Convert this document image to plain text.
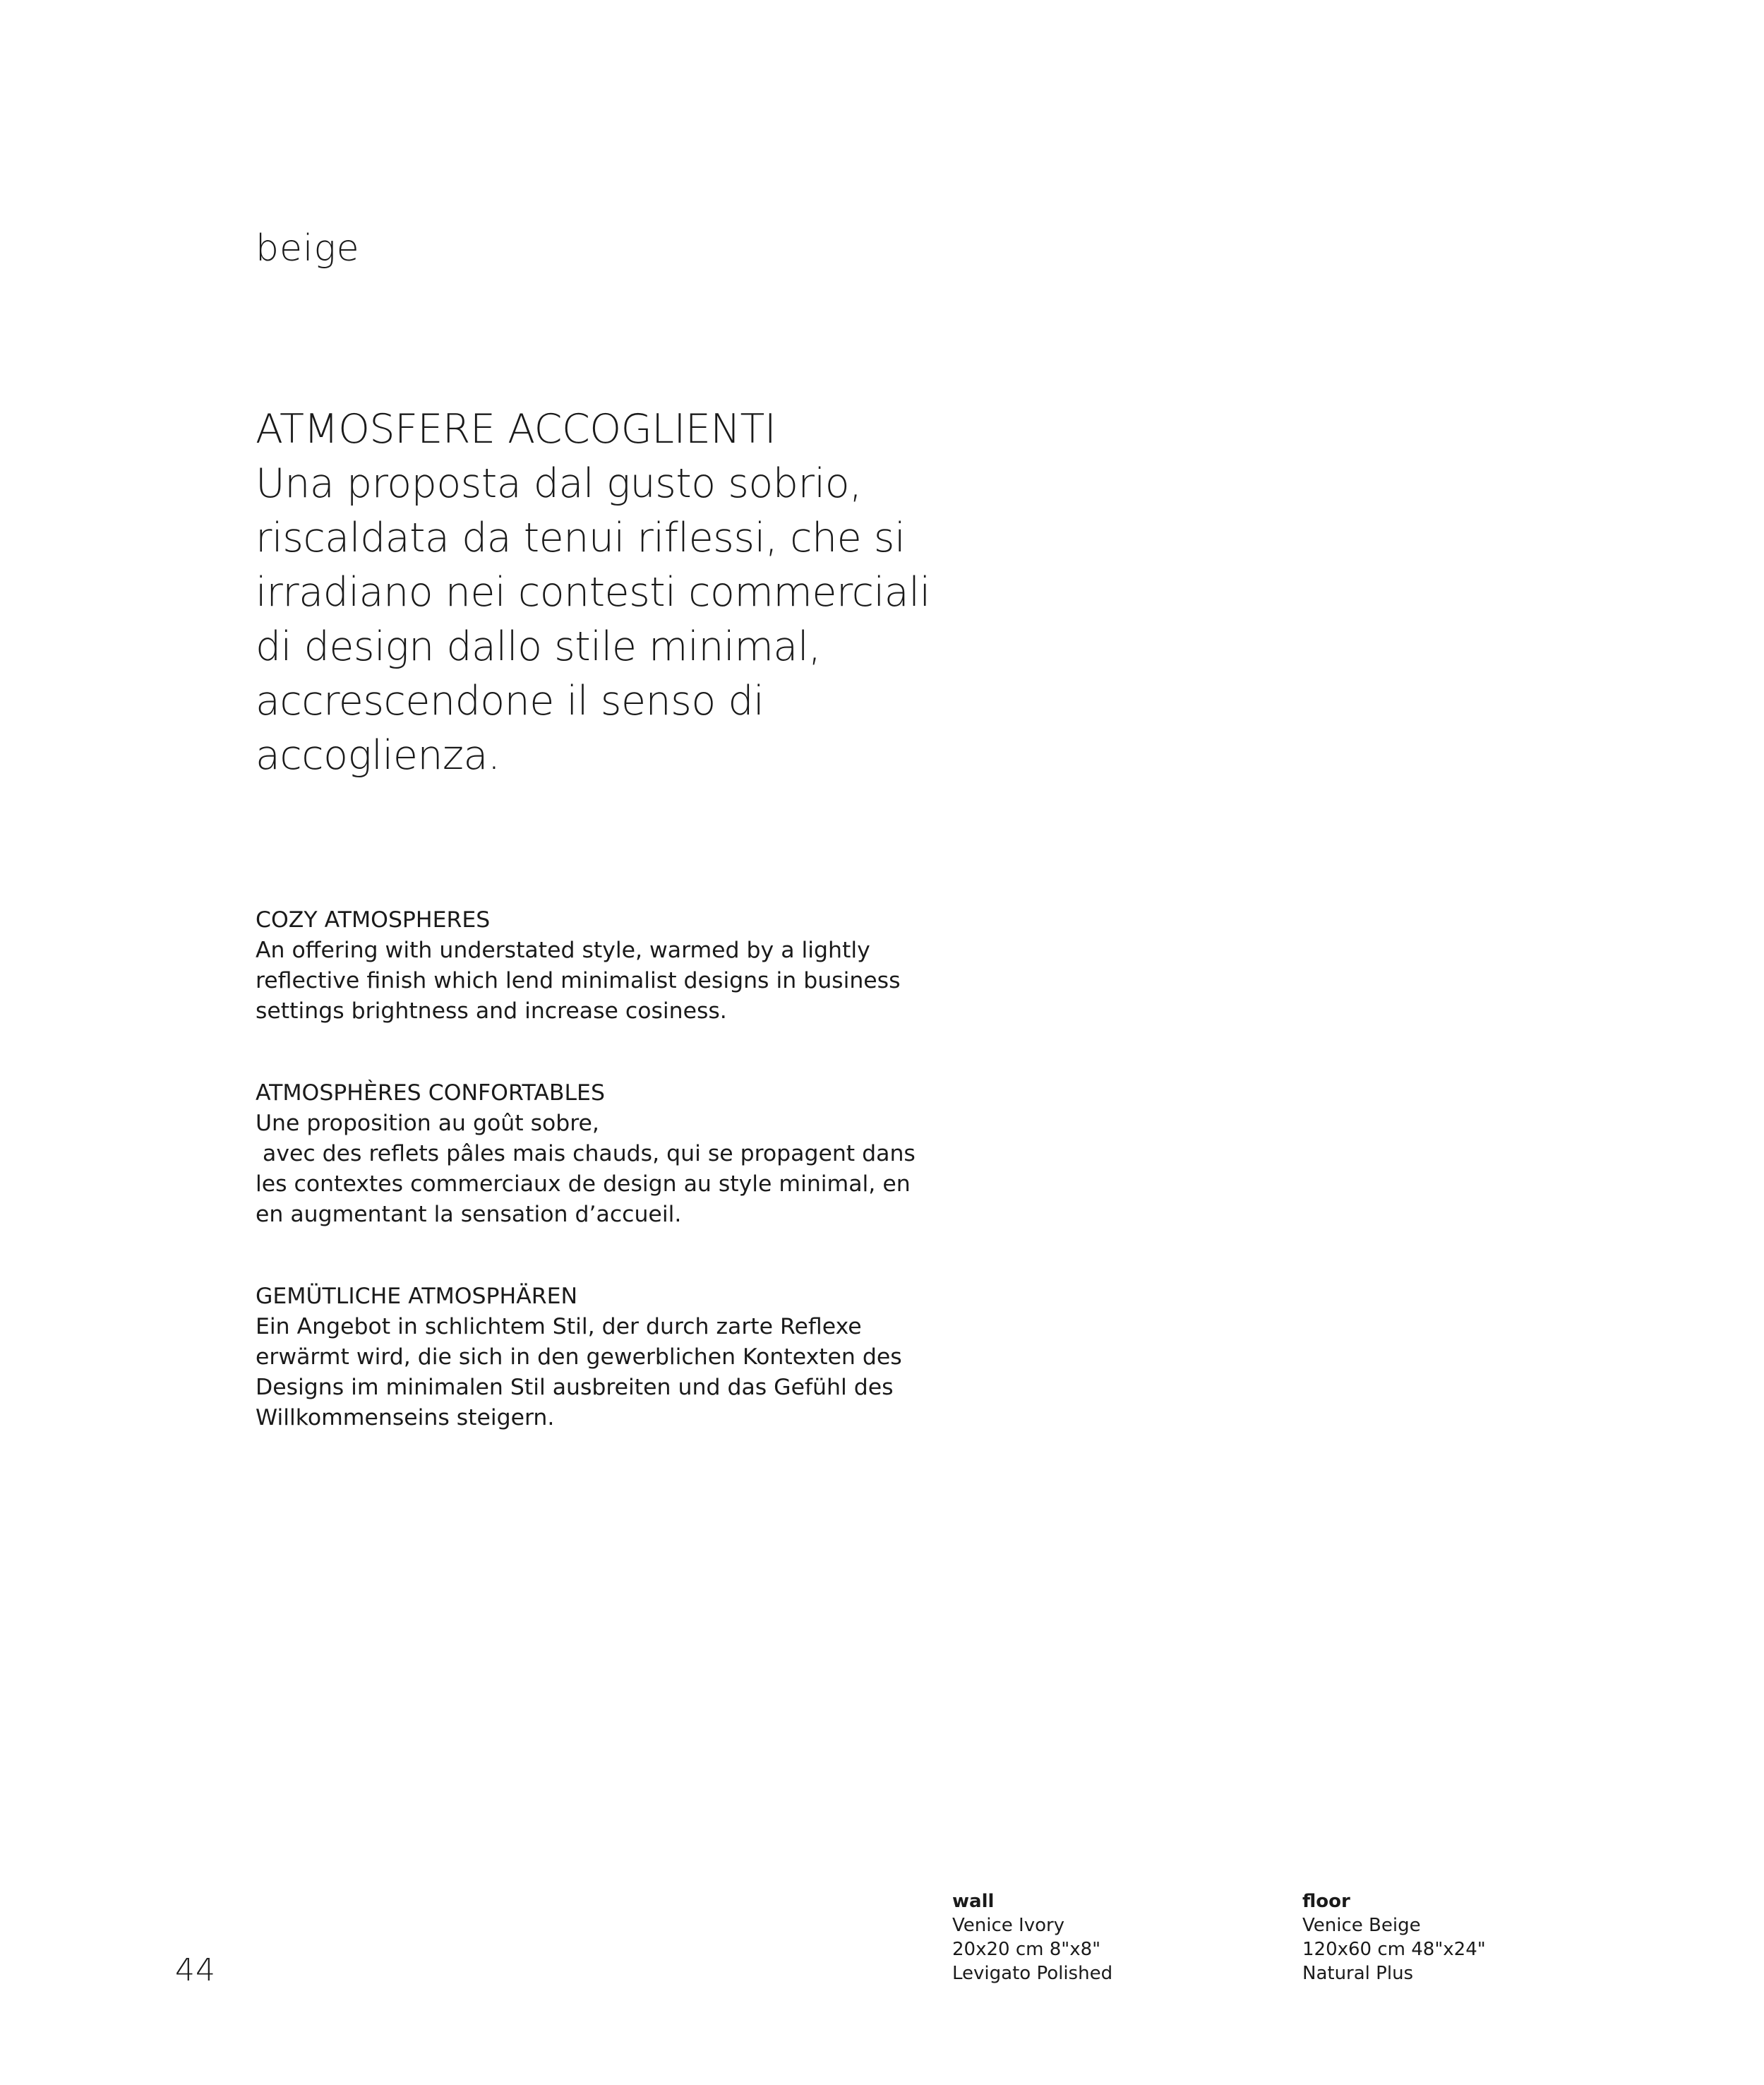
beige
ATMOSFERE ACCOGLIENTI
Una proposta dal gusto sobrio,
riscaldata da tenui riflessi, che si
irradiano nei contesti commerciali
di design dallo stile minimal,
accrescendone il senso di
accoglienza.
COZY ATMOSPHERES
An offering with understated style, warmed by a lightly
reflective finish which lend minimalist designs in business
settings brightness and increase cosiness.
ATMOSPHÈRES CONFORTABLES
Une proposition au goût sobre,
avec des reflets pâles mais chauds, qui se propagent dans
les contextes commerciaux de design au style minimal, en
en augmentant la sensation d’accueil.
GEMÜTLICHE ATMOSPHÄREN
Ein Angebot in schlichtem Stil, der durch zarte Reflexe
erwärmt wird, die sich in den gewerblichen Kontexten des
Designs im minimalen Stil ausbreiten und das Gefühl des
Willkommenseins steigern.
44
wall
Venice Ivory
20x20 cm 8"x8"
Levigato Polished
floor
Venice Beige
120x60 cm 48"x24"
Natural Plus
